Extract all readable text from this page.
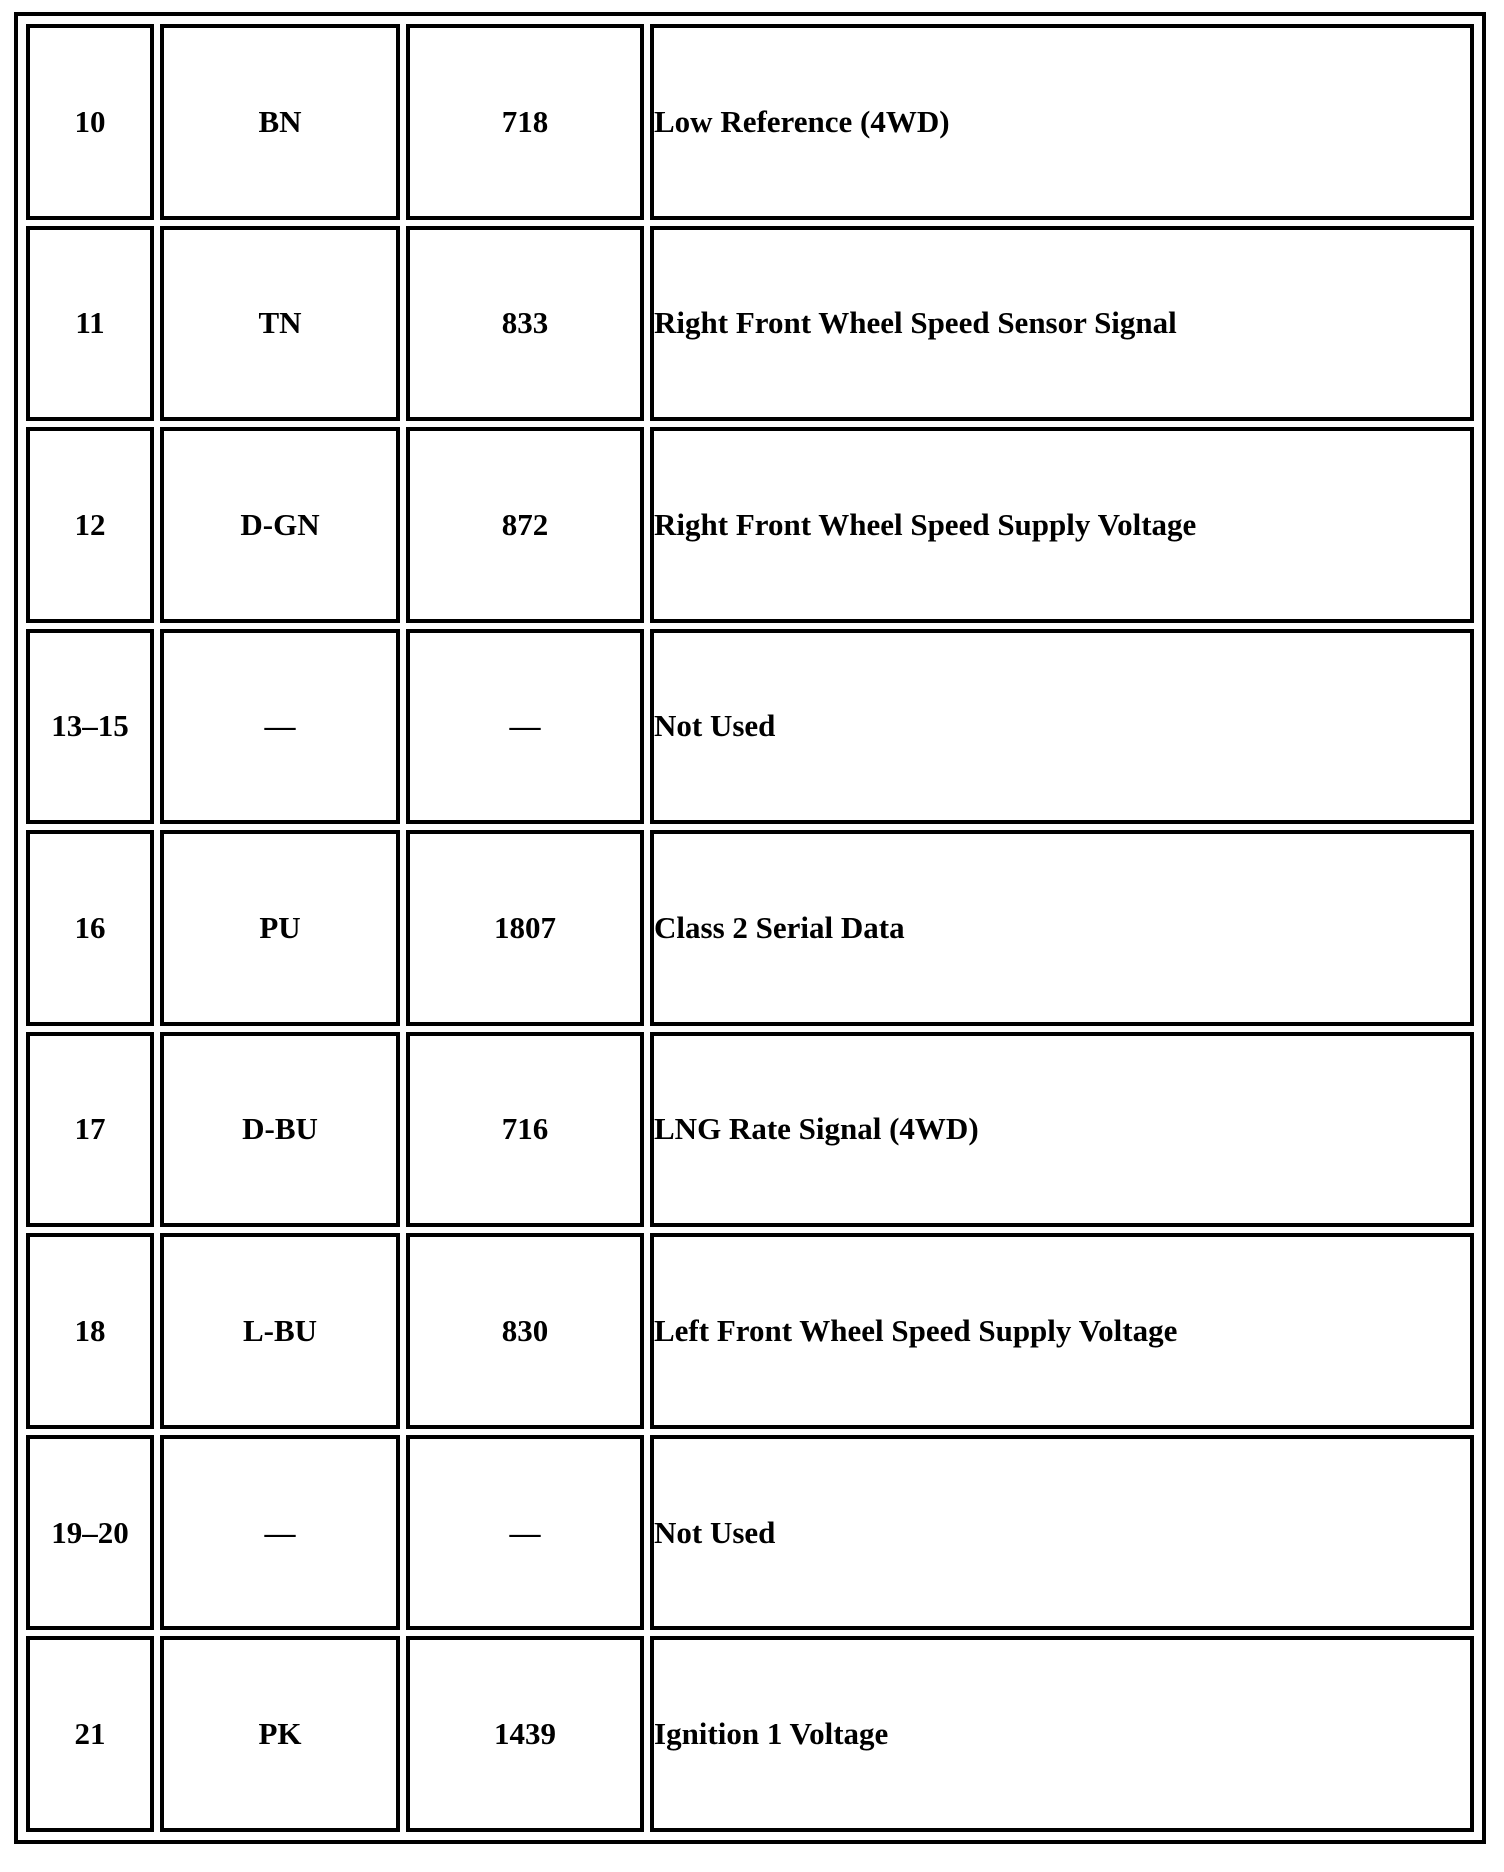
10	BN	718	Low Reference (4WD)
11	TN	833	Right Front Wheel Speed Sensor Signal
12	D-GN	872	Right Front Wheel Speed Supply Voltage
13–15	—	—	Not Used
16	PU	1807	Class 2 Serial Data
17	D-BU	716	LNG Rate Signal (4WD)
18	L-BU	830	Left Front Wheel Speed Supply Voltage
19–20	—	—	Not Used
21	PK	1439	Ignition 1 Voltage
